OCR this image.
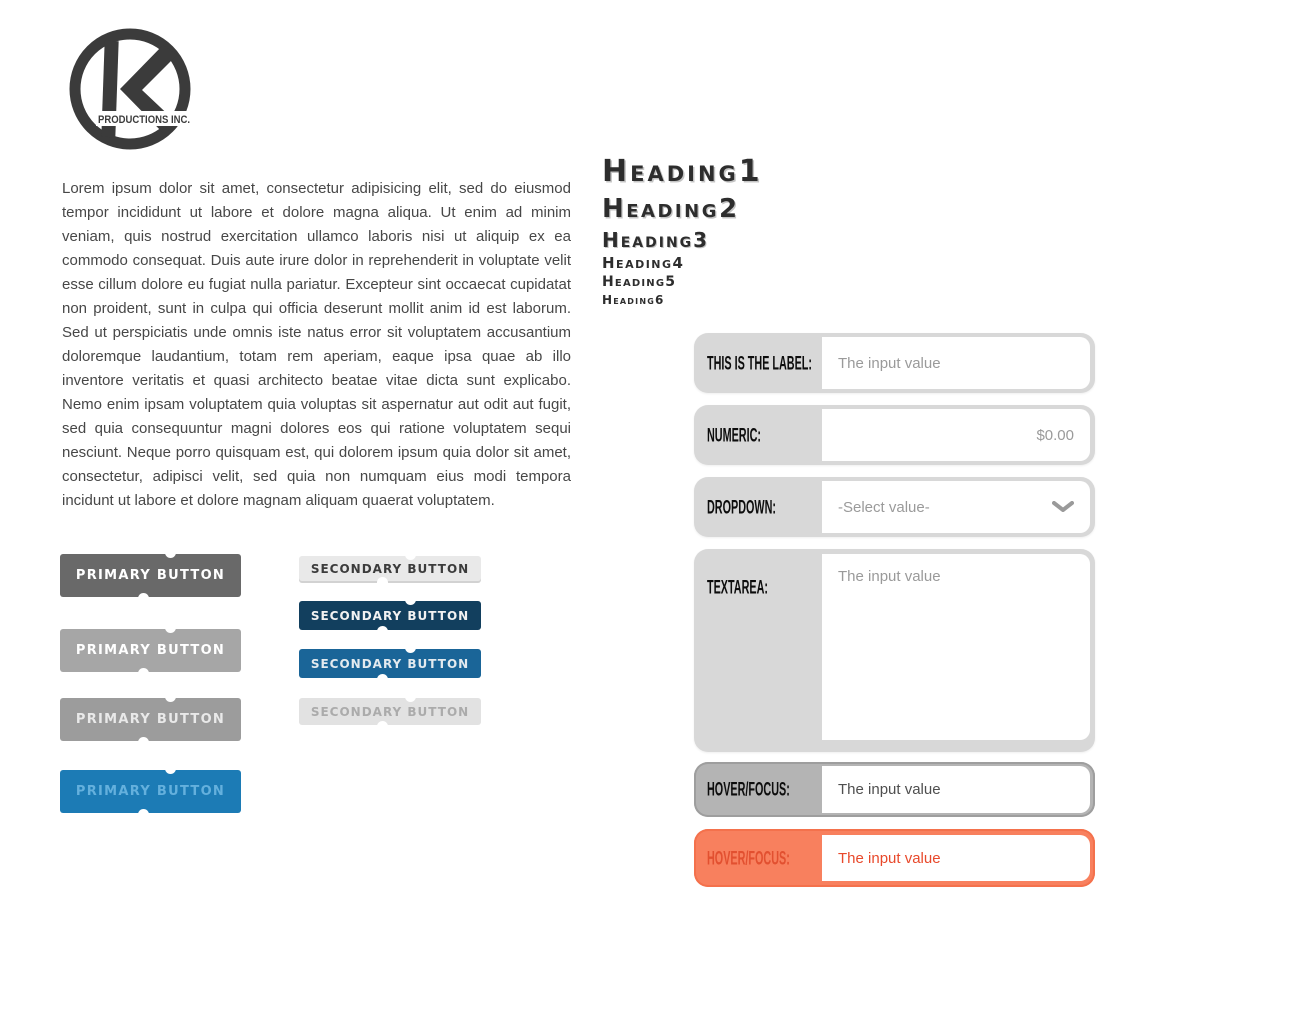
PRODUCTIONS INC.

Lorem ipsum dolor sit amet, consectetur adipisicing elit, sed do eiusmod tempor incididunt ut labore et dolore magna aliqua. Ut enim ad minim veniam, quis nostrud exercitation ullamco laboris nisi ut aliquip ex ea commodo consequat. Duis aute irure dolor in reprehenderit in voluptate velit esse cillum dolore eu fugiat nulla pariatur. Excepteur sint occaecat cupidatat non proident, sunt in culpa qui officia deserunt mollit anim id est laborum. Sed ut perspiciatis unde omnis iste natus error sit voluptatem accusantium doloremque laudantium, totam rem aperiam, eaque ipsa quae ab illo inventore veritatis et quasi architecto beatae vitae dicta sunt explicabo. Nemo enim ipsam voluptatem quia voluptas sit aspernatur aut odit aut fugit, sed quia consequuntur magni dolores eos qui ratione voluptatem sequi nesciunt. Neque porro quisquam est, qui dolorem ipsum quia dolor sit amet, consectetur, adipisci velit, sed quia non numquam eius modi tempora incidunt ut labore et dolore magnam aliquam quaerat voluptatem.

PRIMARY BUTTON
PRIMARY BUTTON
PRIMARY BUTTON
PRIMARY BUTTON
SECONDARY BUTTON
SECONDARY BUTTON
SECONDARY BUTTON
SECONDARY BUTTON
Heading1
Heading2
Heading3
Heading4
Heading5
Heading6
THIS IS THE LABEL:
The input value
NUMERIC:
$0.00
DROPDOWN:	-Select value-
TEXTAREA:
The input value
HOVER/FOCUS:
The input value
HOVER/FOCUS:
The input value
